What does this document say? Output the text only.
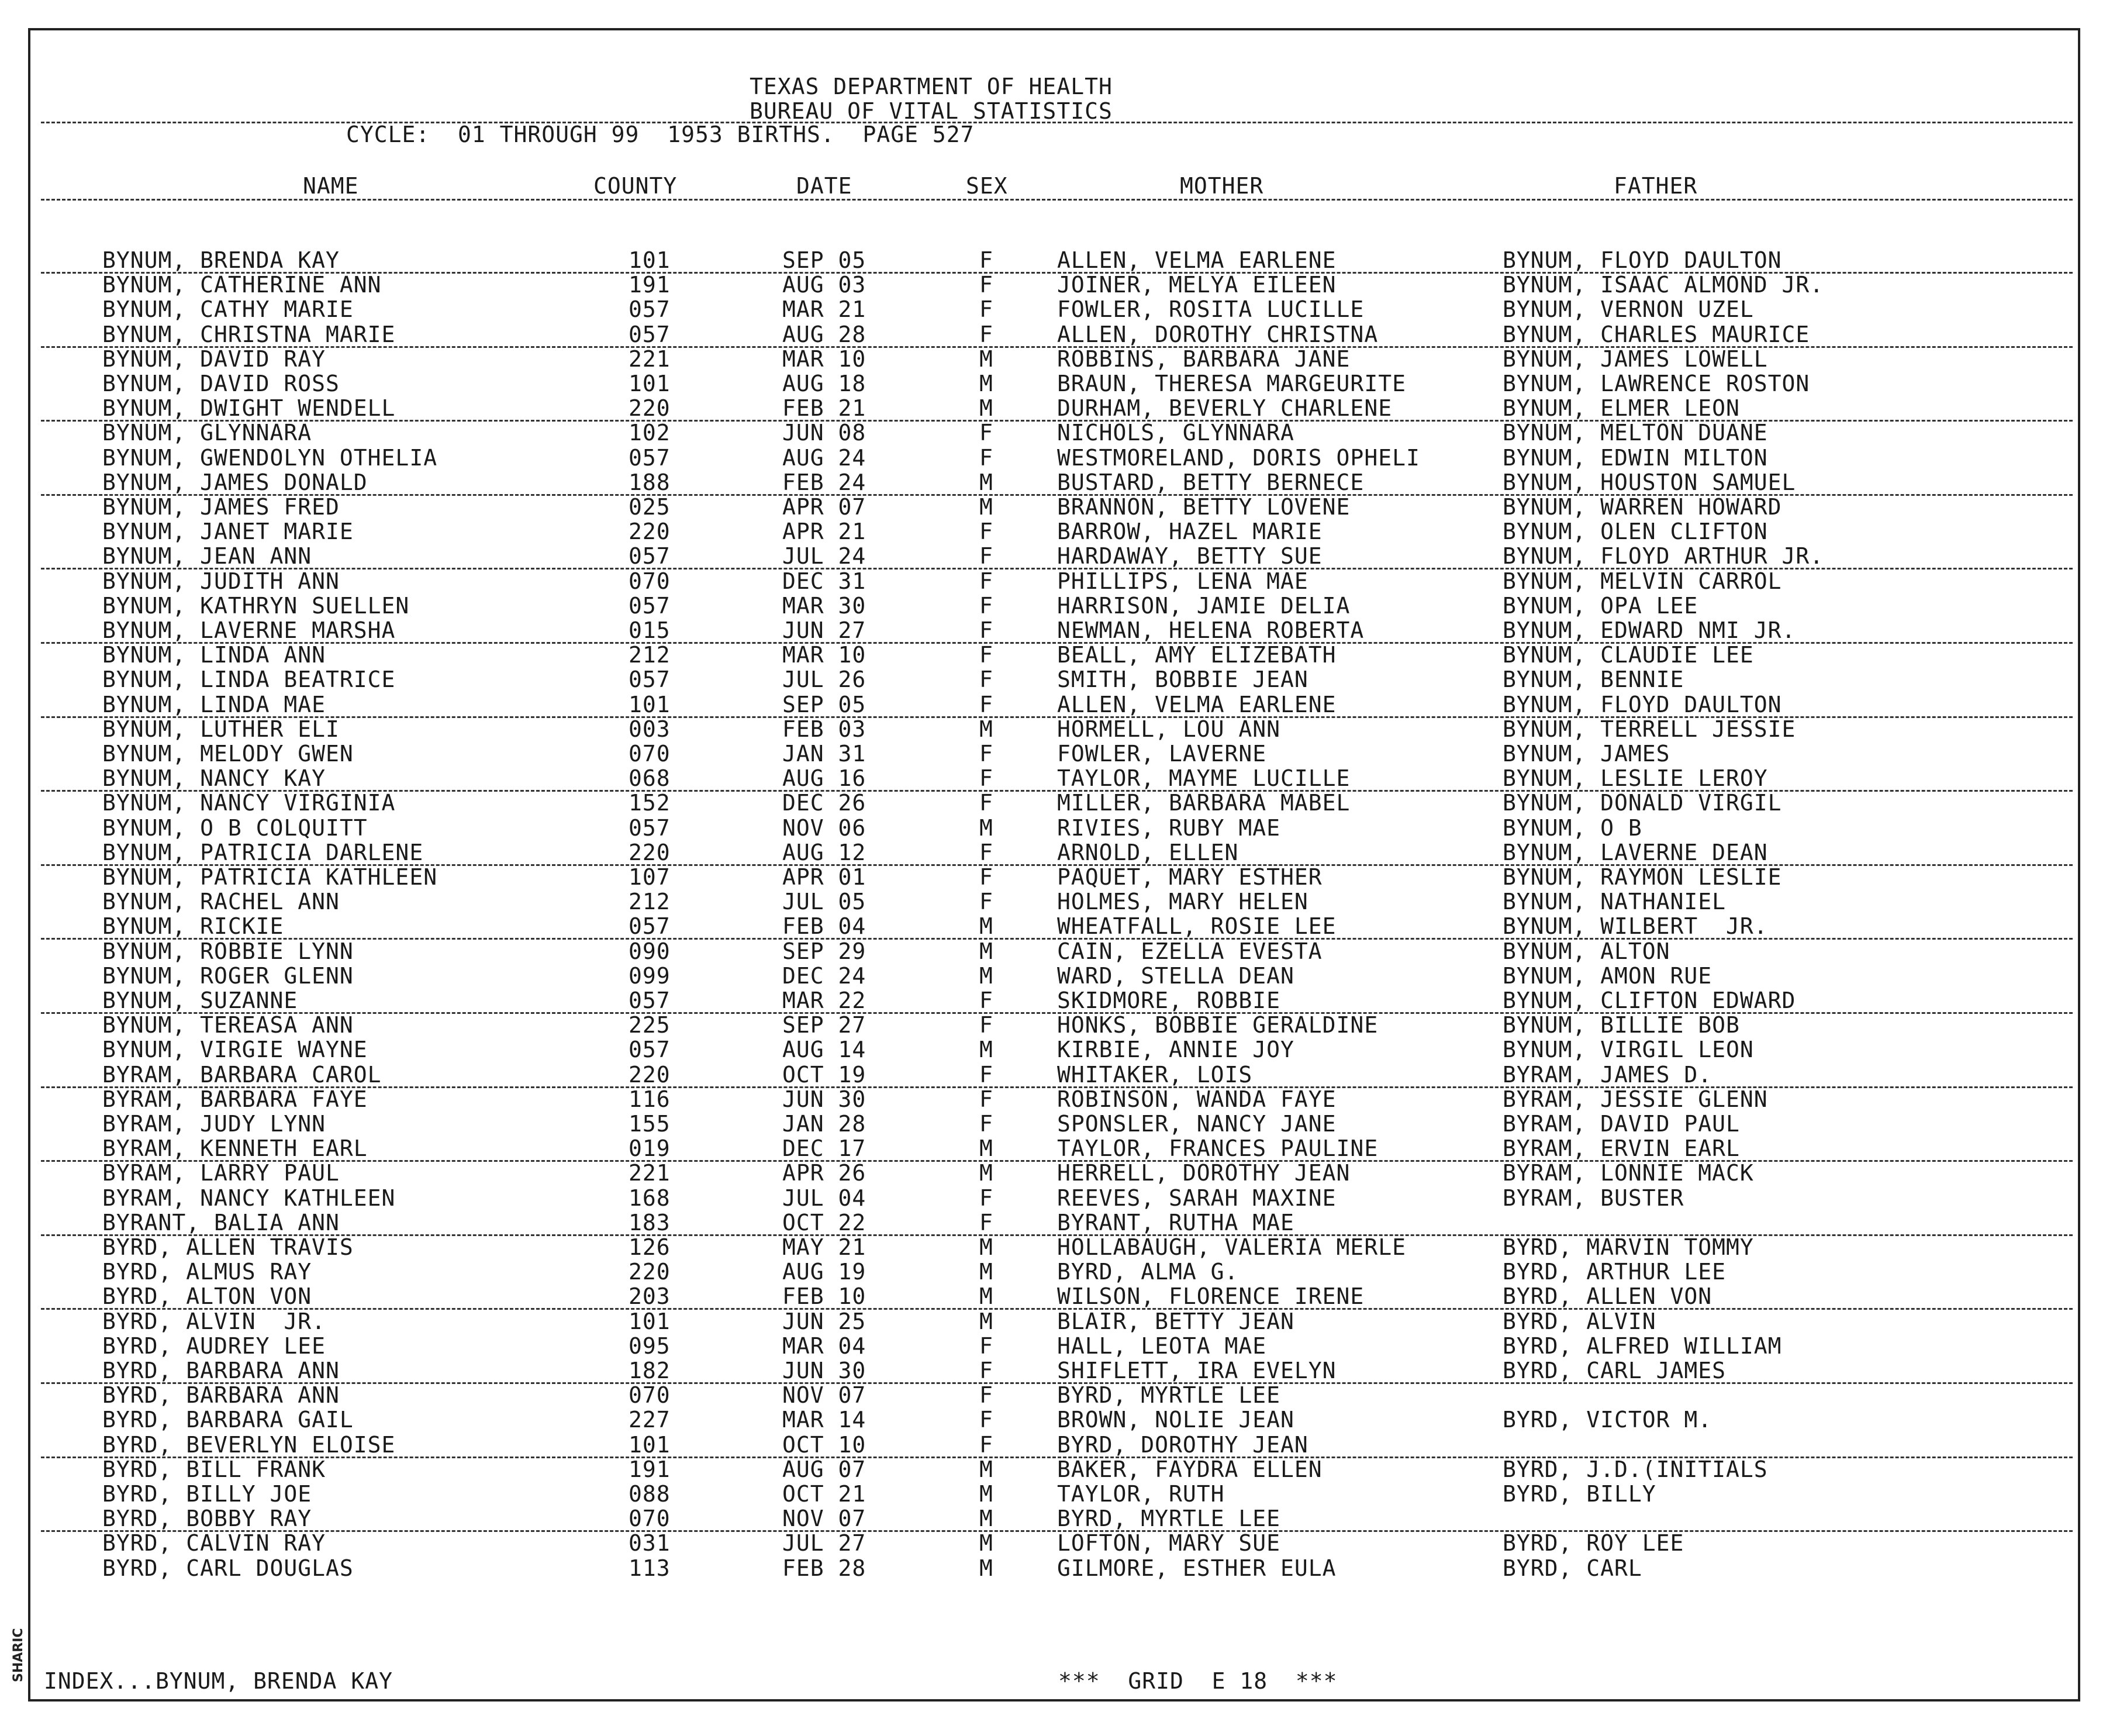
SHARIC
TEXAS DEPARTMENT OF HEALTH
BUREAU OF VITAL STATISTICS
CYCLE:  01 THROUGH 99  1953 BIRTHS.  PAGE 527
NAME	COUNTY	DATE	SEX	MOTHER	FATHER
BYNUM, BRENDA KAY	101	SEP 05	F	ALLEN, VELMA EARLENE	BYNUM, FLOYD DAULTON
BYNUM, CATHERINE ANN	191	AUG 03	F	JOINER, MELYA EILEEN	BYNUM, ISAAC ALMOND JR.
BYNUM, CATHY MARIE	057	MAR 21	F	FOWLER, ROSITA LUCILLE	BYNUM, VERNON UZEL
BYNUM, CHRISTNA MARIE	057	AUG 28	F	ALLEN, DOROTHY CHRISTNA	BYNUM, CHARLES MAURICE
BYNUM, DAVID RAY	221	MAR 10	M	ROBBINS, BARBARA JANE	BYNUM, JAMES LOWELL
BYNUM, DAVID ROSS	101	AUG 18	M	BRAUN, THERESA MARGEURITE	BYNUM, LAWRENCE ROSTON
BYNUM, DWIGHT WENDELL	220	FEB 21	M	DURHAM, BEVERLY CHARLENE	BYNUM, ELMER LEON
BYNUM, GLYNNARA	102	JUN 08	F	NICHOLS, GLYNNARA	BYNUM, MELTON DUANE
BYNUM, GWENDOLYN OTHELIA	057	AUG 24	F	WESTMORELAND, DORIS OPHELI	BYNUM, EDWIN MILTON
BYNUM, JAMES DONALD	188	FEB 24	M	BUSTARD, BETTY BERNECE	BYNUM, HOUSTON SAMUEL
BYNUM, JAMES FRED	025	APR 07	M	BRANNON, BETTY LOVENE	BYNUM, WARREN HOWARD
BYNUM, JANET MARIE	220	APR 21	F	BARROW, HAZEL MARIE	BYNUM, OLEN CLIFTON
BYNUM, JEAN ANN	057	JUL 24	F	HARDAWAY, BETTY SUE	BYNUM, FLOYD ARTHUR JR.
BYNUM, JUDITH ANN	070	DEC 31	F	PHILLIPS, LENA MAE	BYNUM, MELVIN CARROL
BYNUM, KATHRYN SUELLEN	057	MAR 30	F	HARRISON, JAMIE DELIA	BYNUM, OPA LEE
BYNUM, LAVERNE MARSHA	015	JUN 27	F	NEWMAN, HELENA ROBERTA	BYNUM, EDWARD NMI JR.
BYNUM, LINDA ANN	212	MAR 10	F	BEALL, AMY ELIZEBATH	BYNUM, CLAUDIE LEE
BYNUM, LINDA BEATRICE	057	JUL 26	F	SMITH, BOBBIE JEAN	BYNUM, BENNIE
BYNUM, LINDA MAE	101	SEP 05	F	ALLEN, VELMA EARLENE	BYNUM, FLOYD DAULTON
BYNUM, LUTHER ELI	003	FEB 03	M	HORMELL, LOU ANN	BYNUM, TERRELL JESSIE
BYNUM, MELODY GWEN	070	JAN 31	F	FOWLER, LAVERNE	BYNUM, JAMES
BYNUM, NANCY KAY	068	AUG 16	F	TAYLOR, MAYME LUCILLE	BYNUM, LESLIE LEROY
BYNUM, NANCY VIRGINIA	152	DEC 26	F	MILLER, BARBARA MABEL	BYNUM, DONALD VIRGIL
BYNUM, O B COLQUITT	057	NOV 06	M	RIVIES, RUBY MAE	BYNUM, O B
BYNUM, PATRICIA DARLENE	220	AUG 12	F	ARNOLD, ELLEN	BYNUM, LAVERNE DEAN
BYNUM, PATRICIA KATHLEEN	107	APR 01	F	PAQUET, MARY ESTHER	BYNUM, RAYMON LESLIE
BYNUM, RACHEL ANN	212	JUL 05	F	HOLMES, MARY HELEN	BYNUM, NATHANIEL
BYNUM, RICKIE	057	FEB 04	M	WHEATFALL, ROSIE LEE	BYNUM, WILBERT  JR.
BYNUM, ROBBIE LYNN	090	SEP 29	M	CAIN, EZELLA EVESTA	BYNUM, ALTON
BYNUM, ROGER GLENN	099	DEC 24	M	WARD, STELLA DEAN	BYNUM, AMON RUE
BYNUM, SUZANNE	057	MAR 22	F	SKIDMORE, ROBBIE	BYNUM, CLIFTON EDWARD
BYNUM, TEREASA ANN	225	SEP 27	F	HONKS, BOBBIE GERALDINE	BYNUM, BILLIE BOB
BYNUM, VIRGIE WAYNE	057	AUG 14	M	KIRBIE, ANNIE JOY	BYNUM, VIRGIL LEON
BYRAM, BARBARA CAROL	220	OCT 19	F	WHITAKER, LOIS	BYRAM, JAMES D.
BYRAM, BARBARA FAYE	116	JUN 30	F	ROBINSON, WANDA FAYE	BYRAM, JESSIE GLENN
BYRAM, JUDY LYNN	155	JAN 28	F	SPONSLER, NANCY JANE	BYRAM, DAVID PAUL
BYRAM, KENNETH EARL	019	DEC 17	M	TAYLOR, FRANCES PAULINE	BYRAM, ERVIN EARL
BYRAM, LARRY PAUL	221	APR 26	M	HERRELL, DOROTHY JEAN	BYRAM, LONNIE MACK
BYRAM, NANCY KATHLEEN	168	JUL 04	F	REEVES, SARAH MAXINE	BYRAM, BUSTER
BYRANT, BALIA ANN	183	OCT 22	F	BYRANT, RUTHA MAE
BYRD, ALLEN TRAVIS	126	MAY 21	M	HOLLABAUGH, VALERIA MERLE	BYRD, MARVIN TOMMY
BYRD, ALMUS RAY	220	AUG 19	M	BYRD, ALMA G.	BYRD, ARTHUR LEE
BYRD, ALTON VON	203	FEB 10	M	WILSON, FLORENCE IRENE	BYRD, ALLEN VON
BYRD, ALVIN  JR.	101	JUN 25	M	BLAIR, BETTY JEAN	BYRD, ALVIN
BYRD, AUDREY LEE	095	MAR 04	F	HALL, LEOTA MAE	BYRD, ALFRED WILLIAM
BYRD, BARBARA ANN	182	JUN 30	F	SHIFLETT, IRA EVELYN	BYRD, CARL JAMES
BYRD, BARBARA ANN	070	NOV 07	F	BYRD, MYRTLE LEE
BYRD, BARBARA GAIL	227	MAR 14	F	BROWN, NOLIE JEAN	BYRD, VICTOR M.
BYRD, BEVERLYN ELOISE	101	OCT 10	F	BYRD, DOROTHY JEAN
BYRD, BILL FRANK	191	AUG 07	M	BAKER, FAYDRA ELLEN	BYRD, J.D.(INITIALS
BYRD, BILLY JOE	088	OCT 21	M	TAYLOR, RUTH	BYRD, BILLY
BYRD, BOBBY RAY	070	NOV 07	M	BYRD, MYRTLE LEE
BYRD, CALVIN RAY	031	JUL 27	M	LOFTON, MARY SUE	BYRD, ROY LEE
BYRD, CARL DOUGLAS	113	FEB 28	M	GILMORE, ESTHER EULA	BYRD, CARL
INDEX...BYNUM, BRENDA KAY	***  GRID  E 18  ***
